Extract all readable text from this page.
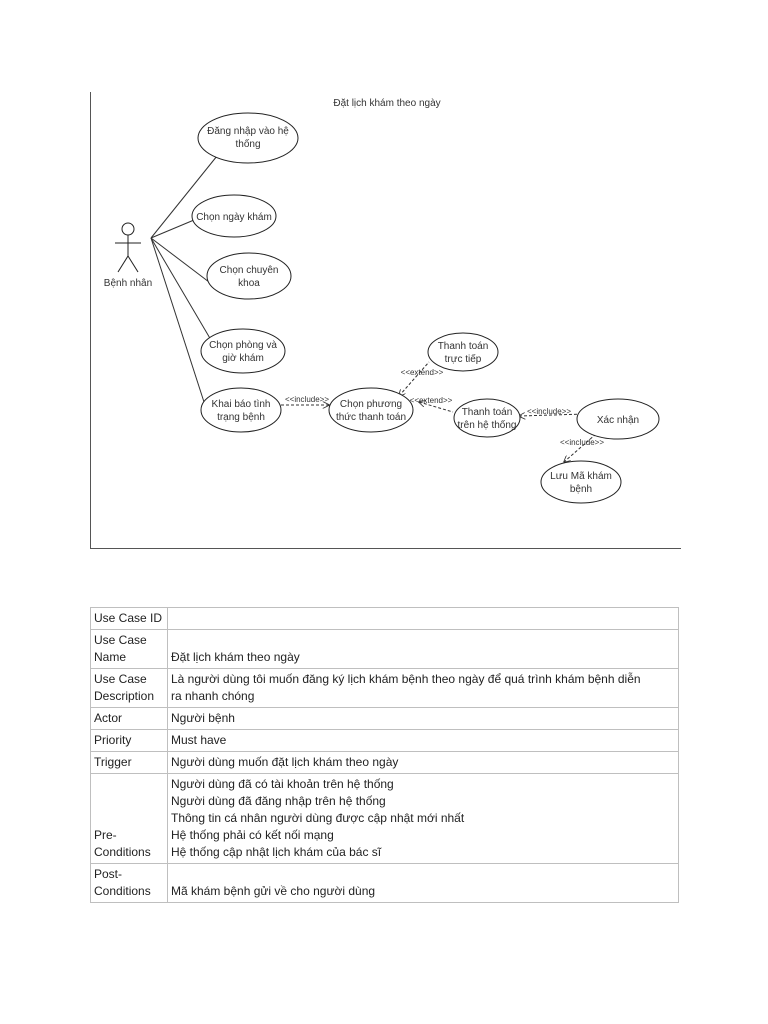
Đặt lịch khám theo ngày
Bệnh nhân
<<include>>
<<extend>>
<<extend>>
<<include>>
<<include>>
Đăng nhập vào hệ
thống
Chọn ngày khám
Chọn chuyên
khoa
Chọn phòng và
giờ khám
Khai báo tình
trạng bệnh
Chọn phương
thức thanh toán
Thanh toán
trực tiếp
Thanh toán
trên hệ thống	Xác nhận
Lưu Mã khám
bệnh
Use Case ID	

Use Case
Name	Đặt lịch khám theo ngày

Use Case
Description	Là người dùng tôi muốn đăng ký lịch khám bệnh theo ngày để quá trình khám bệnh diễn
ra nhanh chóng

Actor	Người bệnh

Priority	Must have

Trigger	Người dùng muốn đặt lịch khám theo ngày

Pre-
Conditions	Người dùng đã có tài khoản trên hệ thống
Người dùng đã đăng nhập trên hệ thống
Thông tin cá nhân người dùng được cập nhật mới nhất
Hệ thống phải có kết nối mạng
Hệ thống cập nhật lịch khám của bác sĩ

Post-
Conditions	Mã khám bệnh gửi về cho người dùng
